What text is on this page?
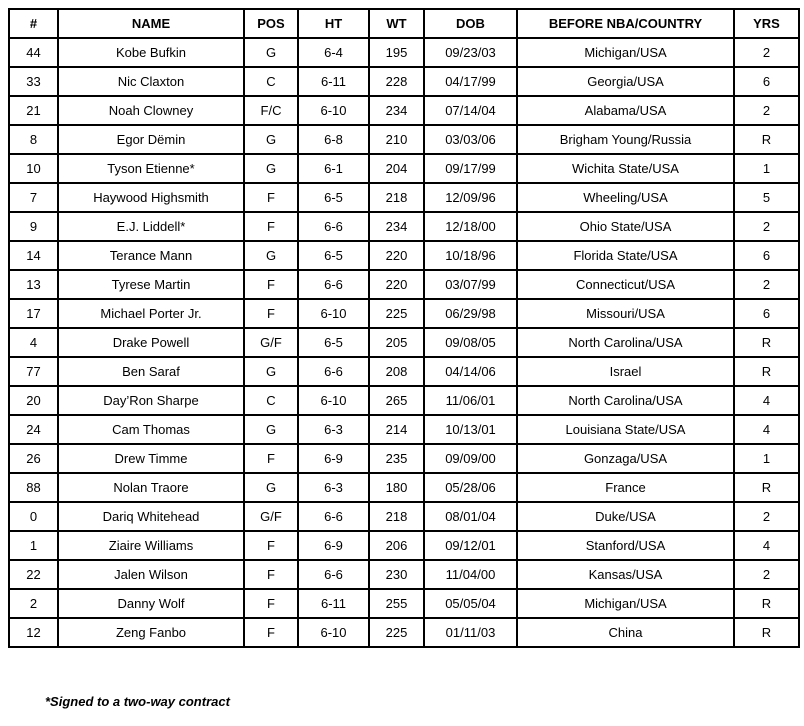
#	NAME	POS	HT	WT	DOB	BEFORE NBA/COUNTRY	YRS
44	Kobe Bufkin	G	6-4	195	09/23/03	Michigan/USA	2
33	Nic Claxton	C	6-11	228	04/17/99	Georgia/USA	6
21	Noah Clowney	F/C	6-10	234	07/14/04	Alabama/USA	2
8	Egor Dëmin	G	6-8	210	03/03/06	Brigham Young/Russia	R
10	Tyson Etienne*	G	6-1	204	09/17/99	Wichita State/USA	1
7	Haywood Highsmith	F	6-5	218	12/09/96	Wheeling/USA	5
9	E.J. Liddell*	F	6-6	234	12/18/00	Ohio State/USA	2
14	Terance Mann	G	6-5	220	10/18/96	Florida State/USA	6
13	Tyrese Martin	F	6-6	220	03/07/99	Connecticut/USA	2
17	Michael Porter Jr.	F	6-10	225	06/29/98	Missouri/USA	6
4	Drake Powell	G/F	6-5	205	09/08/05	North Carolina/USA	R
77	Ben Saraf	G	6-6	208	04/14/06	Israel	R
20	Day’Ron Sharpe	C	6-10	265	11/06/01	North Carolina/USA	4
24	Cam Thomas	G	6-3	214	10/13/01	Louisiana State/USA	4
26	Drew Timme	F	6-9	235	09/09/00	Gonzaga/USA	1
88	Nolan Traore	G	6-3	180	05/28/06	France	R
0	Dariq Whitehead	G/F	6-6	218	08/01/04	Duke/USA	2
1	Ziaire Williams	F	6-9	206	09/12/01	Stanford/USA	4
22	Jalen Wilson	F	6-6	230	11/04/00	Kansas/USA	2
2	Danny Wolf	F	6-11	255	05/05/04	Michigan/USA	R
12	Zeng Fanbo	F	6-10	225	01/11/03	China	R
*Signed to a two-way contract
